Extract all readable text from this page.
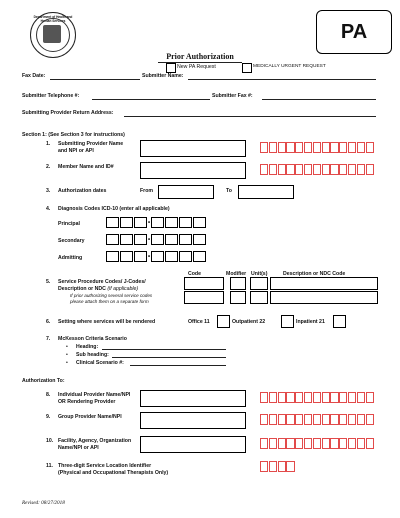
Department of Health and Human Services	PA
Prior Authorization
New PA Request	MEDICALLY URGENT REQUEST
Fax Date:	Submitter Name:
Submitter Telephone #:	Submitter Fax #:
Submitting Provider Return Address:
Section 1: (See Section 3 for instructions)
1. Submitting Provider Name
and NPI or API
2. Member Name and ID#
3. Authorization dates	From	To
4. Diagnosis Codes ICD-10 (enter all applicable)
Principal	•
Secondary	•
Admitting	•
Code	Modifier Unit(s)	Description or NDC Code
5. Service Procedure Codes/ J-Codes/
Description or NDC (if applicable)
If prior authorizing several service codes
please attach them on a separate form
6. Setting where services will be rendered	Office 11	Outpatient 22	Inpatient 21
7. McKesson Criteria Scenario
• Heading:
• Sub heading:
• Clinical Scenario #:
Authorization To:
8. Individual Provider Name/NPI
OR Rendering Provider
9. Group Provider Name/NPI
10. Facility, Agency, Organization
Name/NPI or API
11. Three-digit Service Location Identifier
(Physical and Occupational Therapists Only)
Revised: 08/27/2018
